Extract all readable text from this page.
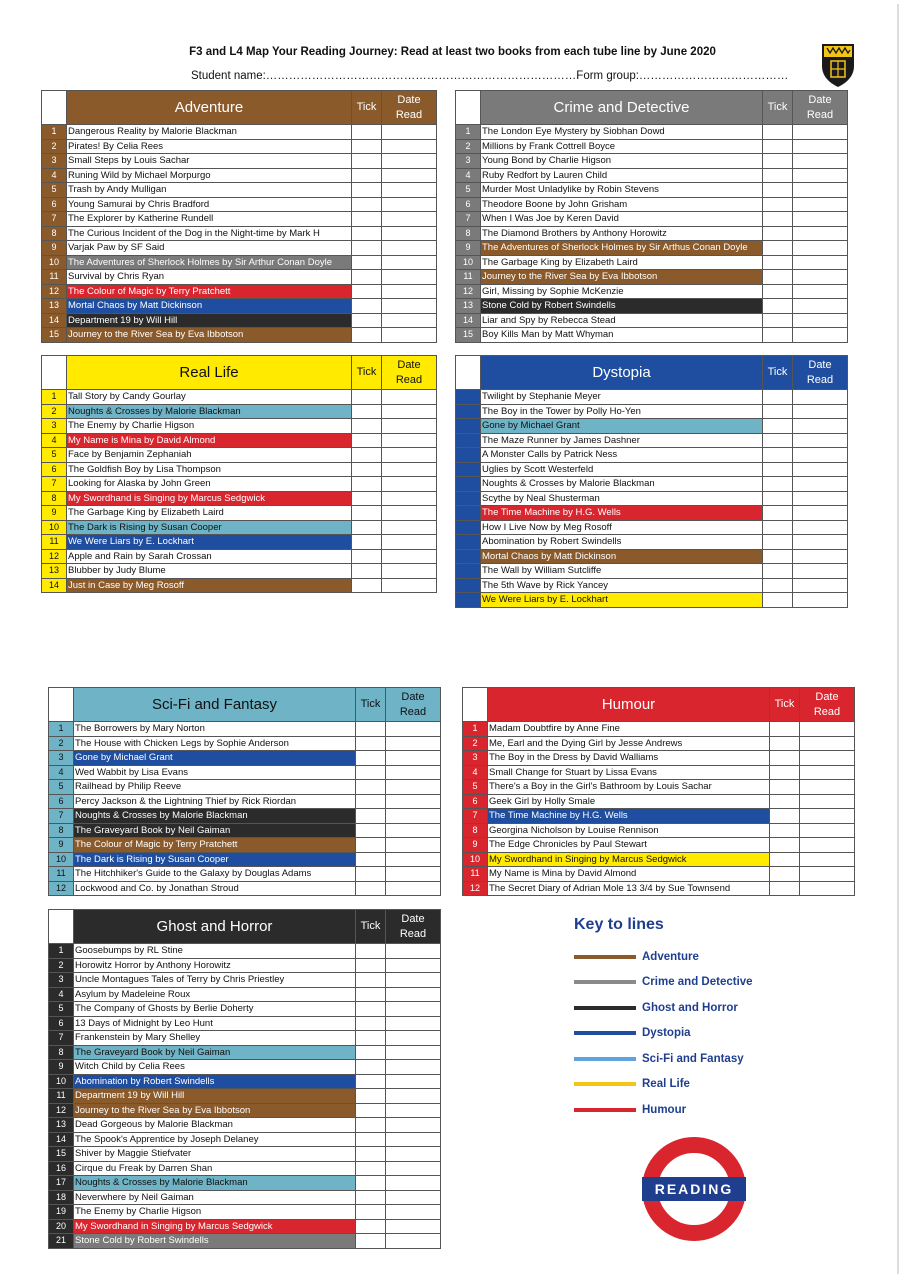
F3 and L4 Map Your Reading Journey: Read at least two books from each tube line by June 2020
Student name:………………………………………………………………………Form group:…………………………………
	Adventure	Tick	Date Read
1	Dangerous Reality by Malorie Blackman		
2	Pirates! By Celia Rees		
3	Small Steps by Louis Sachar		
4	Runing Wild by Michael Morpurgo		
5	Trash by Andy Mulligan		
6	Young Samurai by Chris Bradford		
7	The Explorer by Katherine Rundell		
8	The Curious Incident of the Dog in the Night-time by Mark H		
9	Varjak Paw by SF Said		
10	The Adventures of Sherlock Holmes by Sir Arthur Conan Doyle		
11	Survival by Chris Ryan		
12	The Colour of Magic by Terry Pratchett		
13	Mortal Chaos by Matt Dickinson		
14	Department 19 by Will Hill		
15	Journey to the River Sea by Eva Ibbotson		
	Crime and Detective	Tick	Date Read
1	The London Eye Mystery by Siobhan Dowd		
2	Millions by Frank Cottrell Boyce		
3	Young Bond by Charlie Higson		
4	Ruby Redfort by Lauren Child		
5	Murder Most Unladylike by Robin Stevens		
6	Theodore Boone by John Grisham		
7	When I Was Joe by Keren David		
8	The Diamond Brothers by Anthony Horowitz		
9	The Adventures of Sherlock Holmes by Sir Arthus Conan Doyle		
10	The Garbage King by Elizabeth Laird		
11	Journey to the River Sea by Eva Ibbotson		
12	Girl, Missing by Sophie McKenzie		
13	Stone Cold by Robert Swindells		
14	Liar and Spy by Rebecca Stead		
15	Boy Kills Man by Matt Whyman		
	Real Life	Tick	Date Read
1	Tall Story by Candy Gourlay		
2	Noughts & Crosses by Malorie Blackman		
3	The Enemy by Charlie Higson		
4	My Name is Mina by David Almond		
5	Face by Benjamin Zephaniah		
6	The Goldfish Boy by Lisa Thompson		
7	Looking for Alaska by John Green		
8	My Swordhand is Singing by Marcus Sedgwick		
9	The Garbage King by Elizabeth Laird		
10	The Dark is Rising by Susan Cooper		
11	We Were Liars by E. Lockhart		
12	Apple and Rain by Sarah Crossan		
13	Blubber by Judy Blume		
14	Just in Case by Meg Rosoff		
	Dystopia	Tick	Date Read
1	Twilight by Stephanie Meyer		
2	The Boy in the Tower by Polly Ho-Yen		
3	Gone by Michael Grant		
4	The Maze Runner by James Dashner		
5	A Monster Calls by Patrick Ness		
6	Uglies by Scott Westerfeld		
7	Noughts & Crosses by Malorie Blackman		
8	Scythe by Neal Shusterman		
9	The Time Machine by H.G. Wells		
10	How I Live Now by Meg Rosoff		
11	Abomination by Robert Swindells		
12	Mortal Chaos by Matt Dickinson		
13	The Wall by William Sutcliffe		
14	The 5th Wave by Rick Yancey		
15	We Were Liars by E. Lockhart		
	Sci-Fi and Fantasy	Tick	Date Read
1	The Borrowers by Mary Norton		
2	The House with Chicken Legs by Sophie Anderson		
3	Gone by Michael Grant		
4	Wed Wabbit by Lisa Evans		
5	Railhead by Philip Reeve		
6	Percy Jackson & the Lightning Thief by Rick Riordan		
7	Noughts & Crosses by Malorie Blackman		
8	The Graveyard Book by Neil Gaiman		
9	The Colour of Magic by Terry Pratchett		
10	The Dark is Rising by Susan Cooper		
11	The Hitchhiker's Guide to the Galaxy by Douglas Adams		
12	Lockwood and Co. by Jonathan Stroud		
	Humour	Tick	Date Read
1	Madam Doubtfire by Anne Fine		
2	Me, Earl and the Dying Girl by Jesse Andrews		
3	The Boy in the Dress by David Walliams		
4	Small Change for Stuart by Lissa Evans		
5	There's a Boy in the Girl's Bathroom by Louis Sachar		
6	Geek Girl by Holly Smale		
7	The Time Machine by H.G. Wells		
8	Georgina Nicholson by Louise Rennison		
9	The Edge Chronicles by Paul Stewart		
10	My Swordhand in Singing by Marcus Sedgwick		
11	My Name is Mina by David Almond		
12	The Secret Diary of Adrian Mole 13 3/4 by Sue Townsend		
	Ghost and Horror	Tick	Date Read
1	Goosebumps by RL Stine		
2	Horowitz Horror by Anthony Horowitz		
3	Uncle Montagues Tales of Terry by Chris Priestley		
4	Asylum by Madeleine Roux		
5	The Company of Ghosts by Berlie Doherty		
6	13 Days of Midnight by Leo Hunt		
7	Frankenstein by Mary Shelley		
8	The Graveyard Book by Neil Gaiman		
9	Witch Child by Celia Rees		
10	Abomination by Robert Swindells		
11	Department 19 by Will Hill		
12	Journey to the River Sea by Eva Ibbotson		
13	Dead Gorgeous by Malorie Blackman		
14	The Spook's Apprentice by Joseph Delaney		
15	Shiver by Maggie Stiefvater		
16	Cirque du Freak by Darren Shan		
17	Noughts & Crosses by Malorie Blackman		
18	Neverwhere by Neil Gaiman		
19	The Enemy by Charlie Higson		
20	My Swordhand in Singing by Marcus Sedgwick		
21	Stone Cold by Robert Swindells		
Key to lines
Adventure
Crime and Detective
Ghost and Horror
Dystopia
Sci-Fi and Fantasy
Real Life
Humour
READING
